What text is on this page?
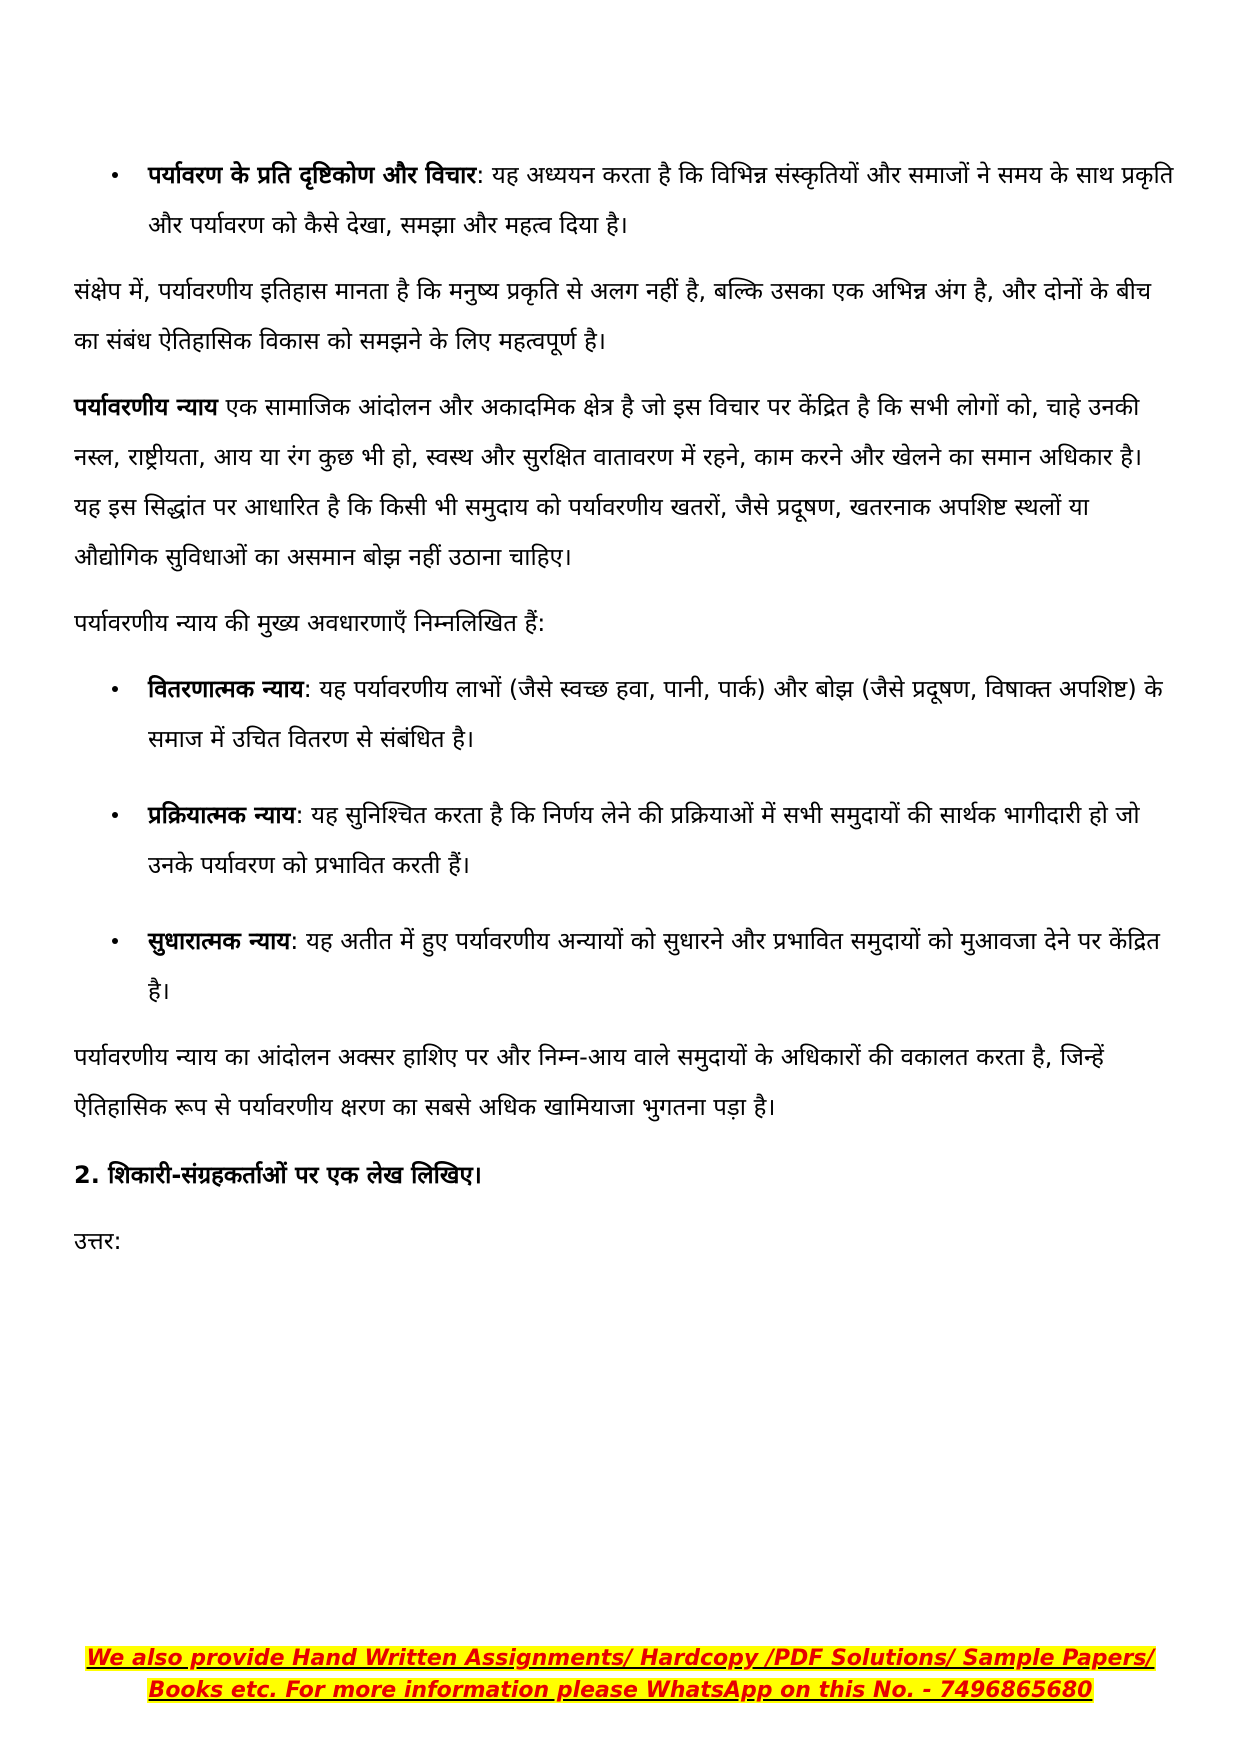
पर्यावरण के प्रति दृष्टिकोण और विचार: यह अध्ययन करता है कि विभिन्न संस्कृतियों और समाजों ने समय के साथ प्रकृति और पर्यावरण को कैसे देखा, समझा और महत्व दिया है।

संक्षेप में, पर्यावरणीय इतिहास मानता है कि मनुष्य प्रकृति से अलग नहीं है, बल्कि उसका एक अभिन्न अंग है, और दोनों के बीच का संबंध ऐतिहासिक विकास को समझने के लिए महत्वपूर्ण है।

पर्यावरणीय न्याय एक सामाजिक आंदोलन और अकादमिक क्षेत्र है जो इस विचार पर केंद्रित है कि सभी लोगों को, चाहे उनकी नस्ल, राष्ट्रीयता, आय या रंग कुछ भी हो, स्वस्थ और सुरक्षित वातावरण में रहने, काम करने और खेलने का समान अधिकार है। यह इस सिद्धांत पर आधारित है कि किसी भी समुदाय को पर्यावरणीय खतरों, जैसे प्रदूषण, खतरनाक अपशिष्ट स्थलों या औद्योगिक सुविधाओं का असमान बोझ नहीं उठाना चाहिए।

पर्यावरणीय न्याय की मुख्य अवधारणाएँ निम्नलिखित हैं:

वितरणात्मक न्याय: यह पर्यावरणीय लाभों (जैसे स्वच्छ हवा, पानी, पार्क) और बोझ (जैसे प्रदूषण, विषाक्त अपशिष्ट) के समाज में उचित वितरण से संबंधित है।
प्रक्रियात्मक न्याय: यह सुनिश्चित करता है कि निर्णय लेने की प्रक्रियाओं में सभी समुदायों की सार्थक भागीदारी हो जो उनके पर्यावरण को प्रभावित करती हैं।
सुधारात्मक न्याय: यह अतीत में हुए पर्यावरणीय अन्यायों को सुधारने और प्रभावित समुदायों को मुआवजा देने पर केंद्रित है।

पर्यावरणीय न्याय का आंदोलन अक्सर हाशिए पर और निम्न-आय वाले समुदायों के अधिकारों की वकालत करता है, जिन्हें ऐतिहासिक रूप से पर्यावरणीय क्षरण का सबसे अधिक खामियाजा भुगतना पड़ा है।

2. शिकारी-संग्रहकर्ताओं पर एक लेख लिखिए।

उत्तर:

We also provide Hand Written Assignments/ Hardcopy /PDF Solutions/ Sample Papers/
Books etc. For more information please WhatsApp on this No. - 7496865680
